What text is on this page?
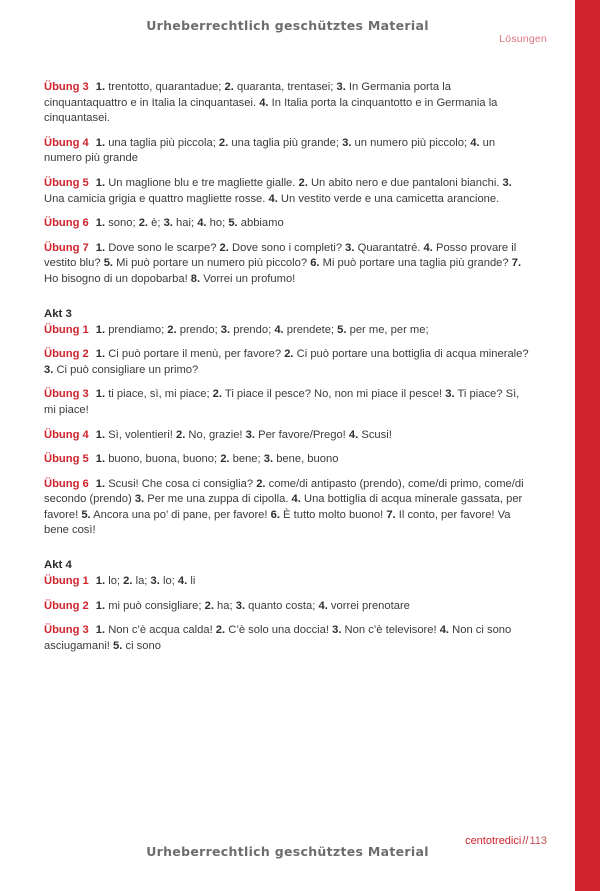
Urheberrechtlich geschütztes Material
Lösungen

Übung 3 1. trentotto, quarantadue; 2. quaranta, trentasei; 3. In Germania porta la cinquantaquattro e in Italia la cinquantasei. 4. In Italia porta la cinquantotto e in Germania la cinquantasei.

Übung 4 1. una taglia più piccola; 2. una taglia più grande; 3. un numero più piccolo; 4. un numero più grande

Übung 5 1. Un maglione blu e tre magliette gialle. 2. Un abito nero e due pantaloni bianchi. 3. Una camicia grigia e quattro magliette rosse. 4. Un vestito verde e una camicetta arancione.

Übung 6 1. sono; 2. è; 3. hai; 4. ho; 5. abbiamo

Übung 7 1. Dove sono le scarpe? 2. Dove sono i completi? 3. Quarantatré. 4. Posso provare il vestito blu? 5. Mi può portare un numero più piccolo? 6. Mi può portare una taglia più grande? 7. Ho bisogno di un dopobarba! 8. Vorrei un profumo!

Akt 3

Übung 1 1. prendiamo; 2. prendo; 3. prendo; 4. prendete; 5. per me, per me;

Übung 2 1. Ci può portare il menù, per favore? 2. Ci può portare una bottiglia di acqua minerale? 3. Ci può consigliare un primo?

Übung 3 1. ti piace, sì, mi piace; 2. Ti piace il pesce? No, non mi piace il pesce! 3. Ti piace? Sì, mi piace!

Übung 4 1. Sì, volentieri! 2. No, grazie! 3. Per favore/Prego! 4. Scusi!

Übung 5 1. buono, buona, buono; 2. bene; 3. bene, buono

Übung 6 1. Scusi! Che cosa ci consiglia? 2. come/di antipasto (prendo), come/di primo, come/di secondo (prendo) 3. Per me una zuppa di cipolla. 4. Una bottiglia di acqua minerale gassata, per favore! 5. Ancora una po’ di pane, per favore! 6. È tutto molto buono! 7. Il conto, per favore! Va bene così!

Akt 4

Übung 1 1. lo; 2. la; 3. lo; 4. li

Übung 2 1. mi può consigliare; 2. ha; 3. quanto costa; 4. vorrei prenotare

Übung 3 1. Non c’è acqua calda! 2. C’è solo una doccia! 3. Non c’è televisore! 4. Non ci sono asciugamani! 5. ci sono

Urheberrechtlich geschütztes Material
centotredici//113
